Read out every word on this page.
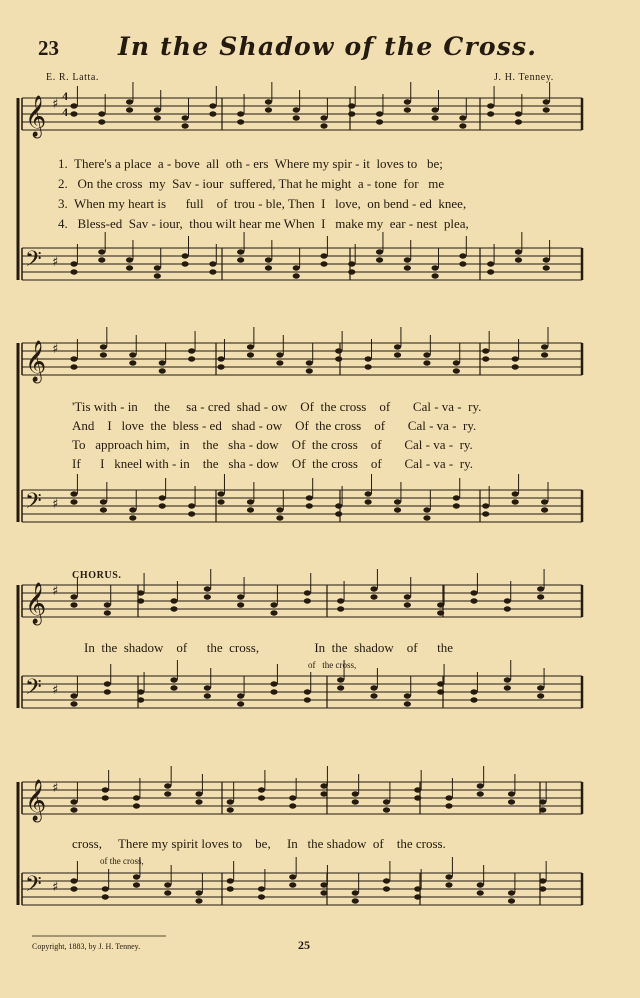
23 In the Shadow of the Cross.
E. R. Latta.	J. H. Tenney.
𝄞 ♯
𝄢 ♯
𝄞 ♯
𝄢 ♯
𝄞 ♯
𝄢 ♯
𝄞 ♯
𝄢 ♯
4
4
1.  There's a place  a - bove  all  oth - ers  Where my spir - it  loves to   be;
2.   On the cross  my  Sav - iour  suffered, That he might  a - tone  for   me
3.  When my heart is      full    of  trou - ble, Then  I   love,  on bend - ed  knee,
4.   Bless-ed  Sav - iour,  thou wilt hear me When  I   make my  ear - nest  plea,
'Tis with - in     the     sa - cred  shad - ow    Of  the cross    of       Cal - va -  ry.
And    I   love  the  bless - ed   shad - ow    Of  the cross    of       Cal - va -  ry.
To   approach him,   in    the   sha - dow    Of  the cross    of       Cal - va -  ry.
If      I   kneel with - in    the   sha - dow    Of  the cross    of       Cal - va -  ry.
CHORUS.
In  the  shadow    of      the  cross,                 In  the  shadow    of      the
of   the cross,
cross,     There my spirit loves to    be,     In   the shadow  of    the cross.
of the cross,
Copyright, 1883, by J. H. Tenney.	25
